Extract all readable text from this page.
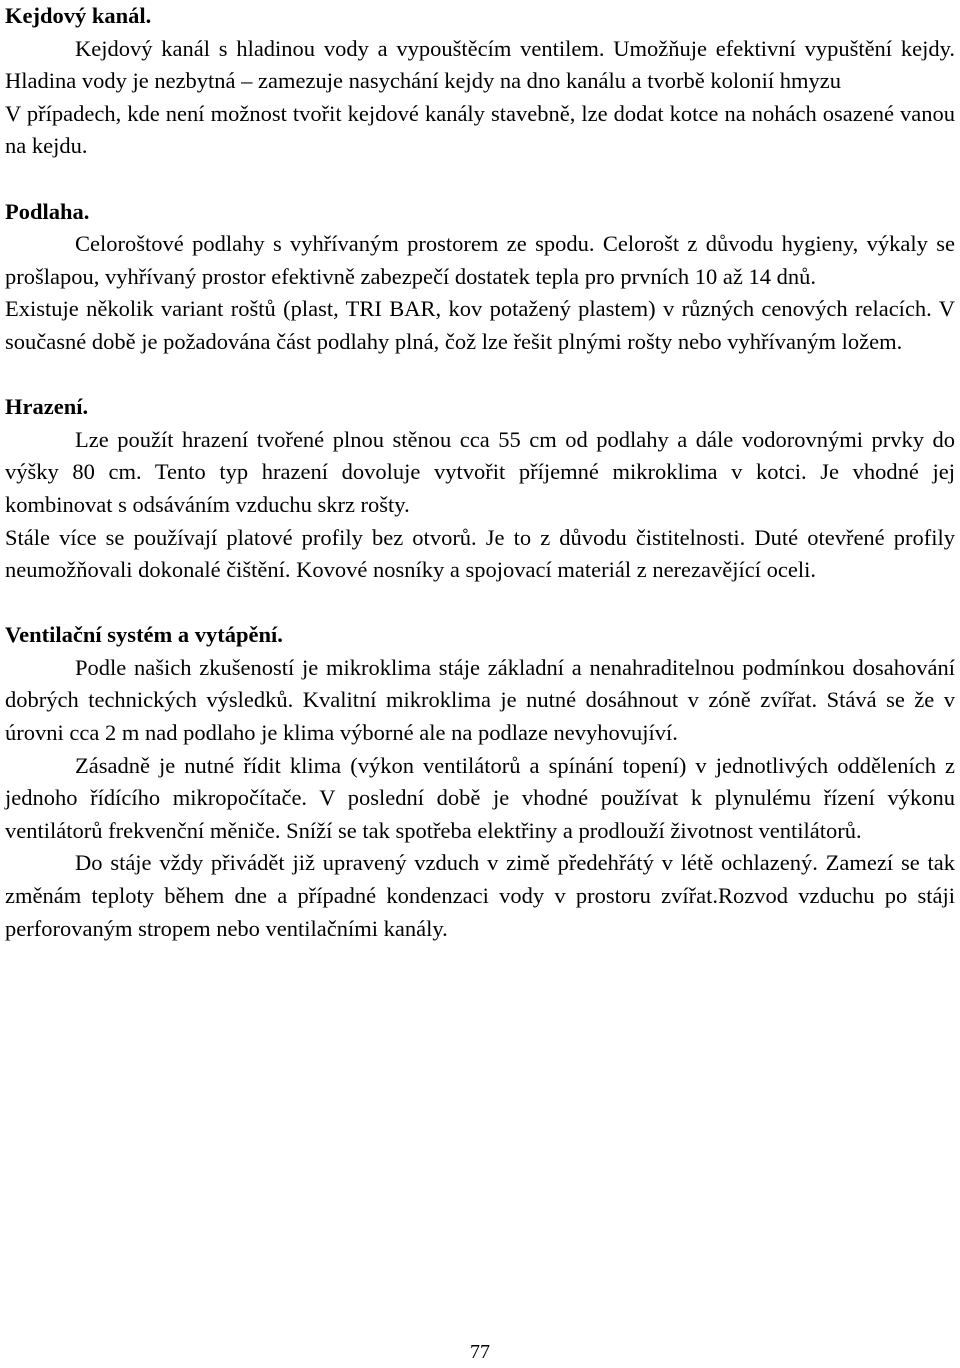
Kejdový kanál.

Kejdový kanál s hladinou vody a vypouštěcím ventilem. Umožňuje efektivní vypuštění kejdy. Hladina vody je nezbytná – zamezuje nasychání kejdy na dno kanálu a tvorbě kolonií hmyzu

V případech, kde není možnost tvořit kejdové kanály stavebně, lze dodat kotce na nohách osazené vanou na kejdu.

Podlaha.

Celoroštové podlahy s vyhřívaným prostorem ze spodu. Celorošt z důvodu hygieny, výkaly se prošlapou, vyhřívaný prostor efektivně zabezpečí dostatek tepla pro prvních 10 až 14 dnů.

Existuje několik variant roštů (plast, TRI BAR, kov potažený plastem) v různých cenových relacích. V současné době je požadována část podlahy plná, čož lze řešit plnými rošty nebo vyhřívaným ložem.

Hrazení.

Lze použít hrazení tvořené plnou stěnou cca 55 cm od podlahy a dále vodorovnými prvky do výšky 80 cm. Tento typ hrazení dovoluje vytvořit příjemné mikroklima v kotci. Je vhodné jej kombinovat s odsáváním vzduchu skrz rošty.

Stále více se používají platové profily bez otvorů. Je to z důvodu čistitelnosti. Duté otevřené profily neumožňovali dokonalé čištění. Kovové nosníky a spojovací materiál z nerezavějící oceli.

Ventilační systém a vytápění.

Podle našich zkušeností je mikroklima stáje základní a nenahraditelnou podmínkou dosahování dobrých technických výsledků. Kvalitní mikroklima je nutné dosáhnout v zóně zvířat. Stává se že v úrovni cca 2 m nad podlaho je klima výborné ale na podlaze nevyhovujíví.

Zásadně je nutné řídit klima (výkon ventilátorů a spínání topení) v jednotlivých odděleních z jednoho řídícího mikropočítače. V poslední době je vhodné používat k plynulému řízení výkonu ventilátorů frekvenční měniče. Sníží se tak spotřeba elektřiny a prodlouží životnost ventilátorů.

Do stáje vždy přivádět již upravený vzduch v zimě předehřátý v létě ochlazený. Zamezí se tak změnám teploty během dne a případné kondenzaci vody v prostoru zvířat.Rozvod vzduchu po stáji perforovaným stropem nebo ventilačními kanály.

77
